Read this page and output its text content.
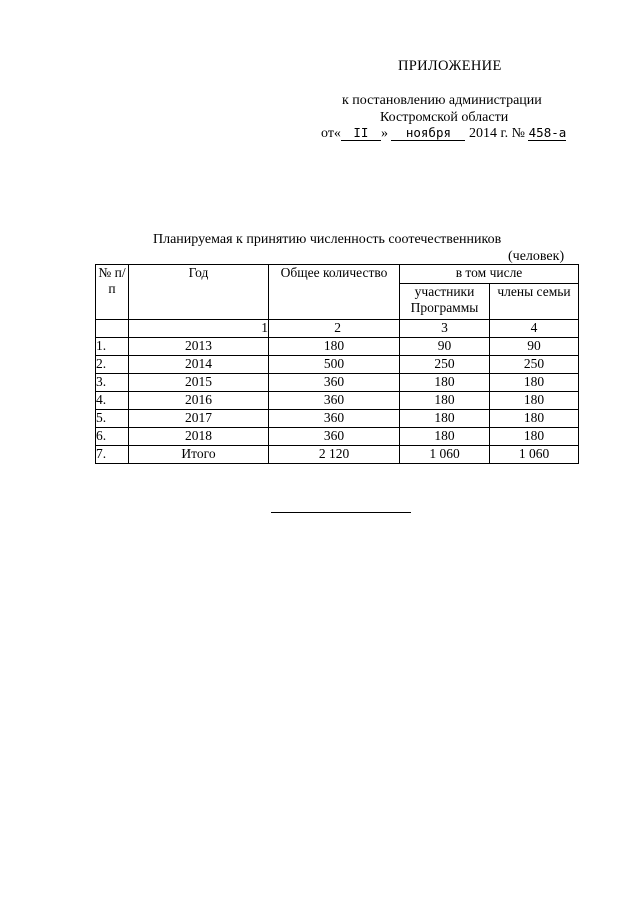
ПРИЛОЖЕНИЕ
к постановлению администрации
Костромской области
от« II » ноября 2014 г. № 458-а
Планируемая к принятию численность соотечественников
(человек)
№ п/п	Год	Общее количество	в том числе	
			участники Программы	члены семьи
	1	2	3	4
1.	2013	180	90	90
2.	2014	500	250	250
3.	2015	360	180	180
4.	2016	360	180	180
5.	2017	360	180	180
6.	2018	360	180	180
7.	Итого	2 120	1 060	1 060
